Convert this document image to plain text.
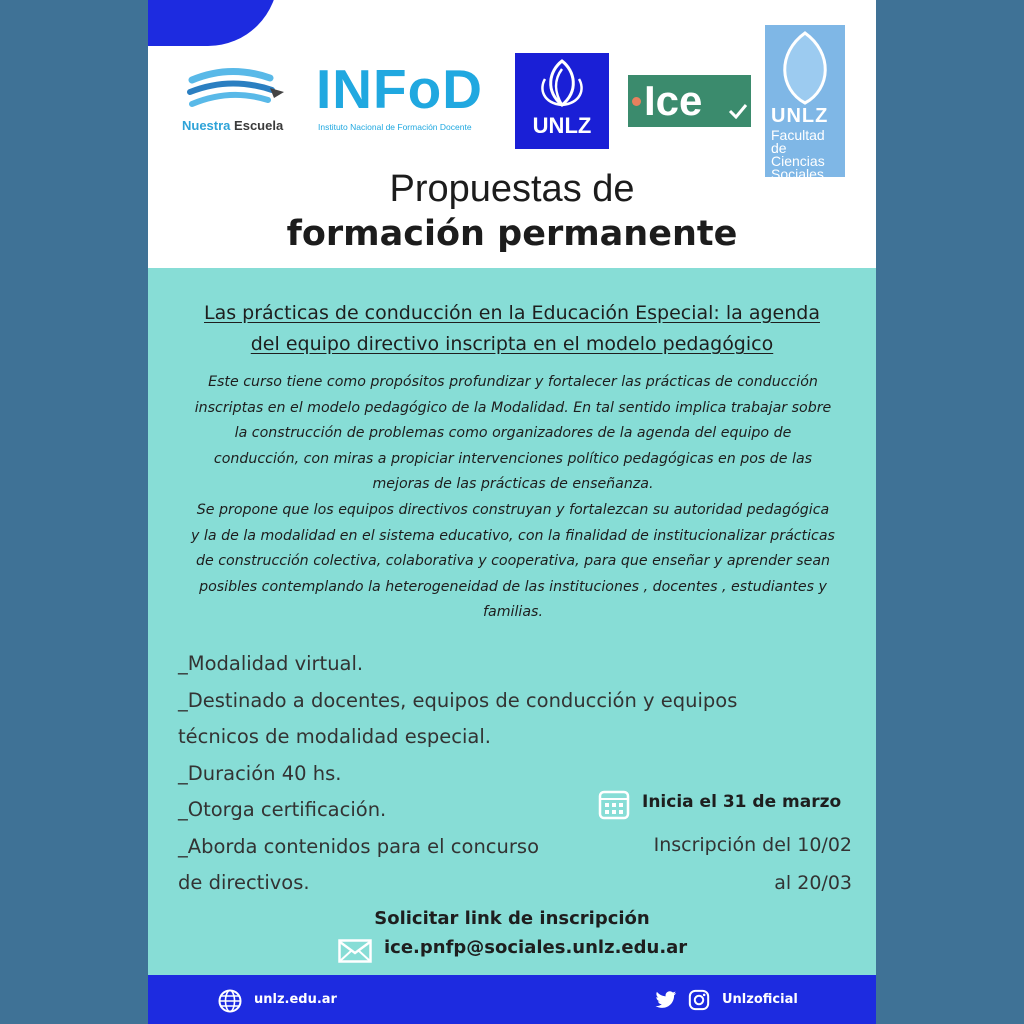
Nuestra Escuela
INFoD
Instituto Nacional de Formación Docente	UNLZ
Ice	UNLZ
Facultad de
Ciencias
Sociales
Propuestas de
formación permanente
Las prácticas de conducción en la Educación Especial: la agenda
del equipo directivo inscripta en el modelo pedagógico
Este curso tiene como propósitos profundizar y fortalecer las prácticas de conducción
inscriptas en el modelo pedagógico de la Modalidad. En tal sentido implica trabajar sobre
la construcción de problemas como organizadores de la agenda del equipo de
conducción, con miras a propiciar intervenciones político pedagógicas en pos de las
mejoras de las prácticas de enseñanza.
Se propone que los equipos directivos construyan y fortalezcan su autoridad pedagógica
y la de la modalidad en el sistema educativo, con la finalidad de institucionalizar prácticas
de construcción colectiva, colaborativa y cooperativa, para que enseñar y aprender sean
posibles contemplando la heterogeneidad de las instituciones , docentes , estudiantes y
familias.
_Modalidad virtual.
_Destinado a docentes, equipos de conducción y equipos
técnicos de modalidad especial.
_Duración 40 hs.
_Otorga certificación.
_Aborda contenidos para el concurso
de directivos.
Inicia el 31 de marzo
Inscripción del 10/02
al 20/03
Solicitar link de inscripción
ice.pnfp@sociales.unlz.edu.ar
unlz.edu.ar	Unlzoficial
